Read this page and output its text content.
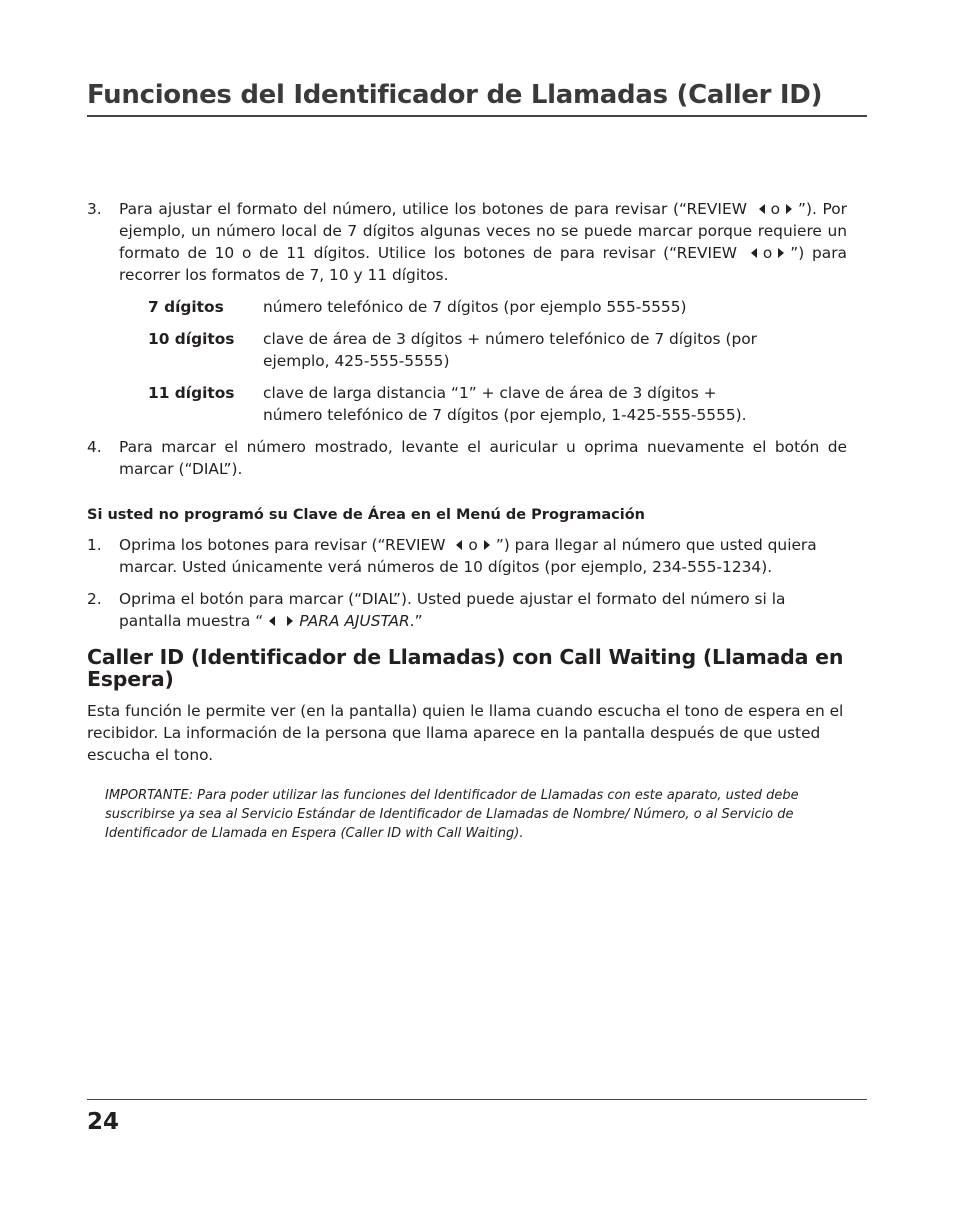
Funciones del Identificador de Llamadas (Caller ID)
3. Para ajustar el formato del número, utilice los botones de para revisar (“REVIEW o ”). Por ejemplo, un número local de 7 dígitos algunas veces no se puede marcar porque requiere un formato de 10 o de 11 dígitos. Utilice los botones de para revisar (“REVIEW o ”) para recorrer los formatos de 7, 10 y 11 dígitos.
7 dígitos	número telefónico de 7 dígitos (por ejemplo 555-5555)
10 dígitos	clave de área de 3 dígitos + número telefónico de 7 dígitos (por ejemplo, 425-555-5555)
11 dígitos	clave de larga distancia “1” + clave de área de 3 dígitos + número telefónico de 7 dígitos (por ejemplo, 1-425-555-5555).
4. Para marcar el número mostrado, levante el auricular u oprima nuevamente el botón de marcar (“DIAL”).
Si usted no programó su Clave de Área en el Menú de Programación
1. Oprima los botones para revisar (“REVIEW o ”) para llegar al número que usted quiera marcar. Usted únicamente verá números de 10 dígitos (por ejemplo, 234-555-1234).
2. Oprima el botón para marcar (“DIAL”). Usted puede ajustar el formato del número si la pantalla muestra “ PARA AJUSTAR.”
Caller ID (Identificador de Llamadas) con Call Waiting (Llamada en Espera)
Esta función le permite ver (en la pantalla) quien le llama cuando escucha el tono de espera en el recibidor. La información de la persona que llama aparece en la pantalla después de que usted escucha el tono.
IMPORTANTE: Para poder utilizar las funciones del Identificador de Llamadas con este aparato, usted debe suscribirse ya sea al Servicio Estándar de Identificador de Llamadas de Nombre/ Número, o al Servicio de Identificador de Llamada en Espera (Caller ID with Call Waiting).
24
